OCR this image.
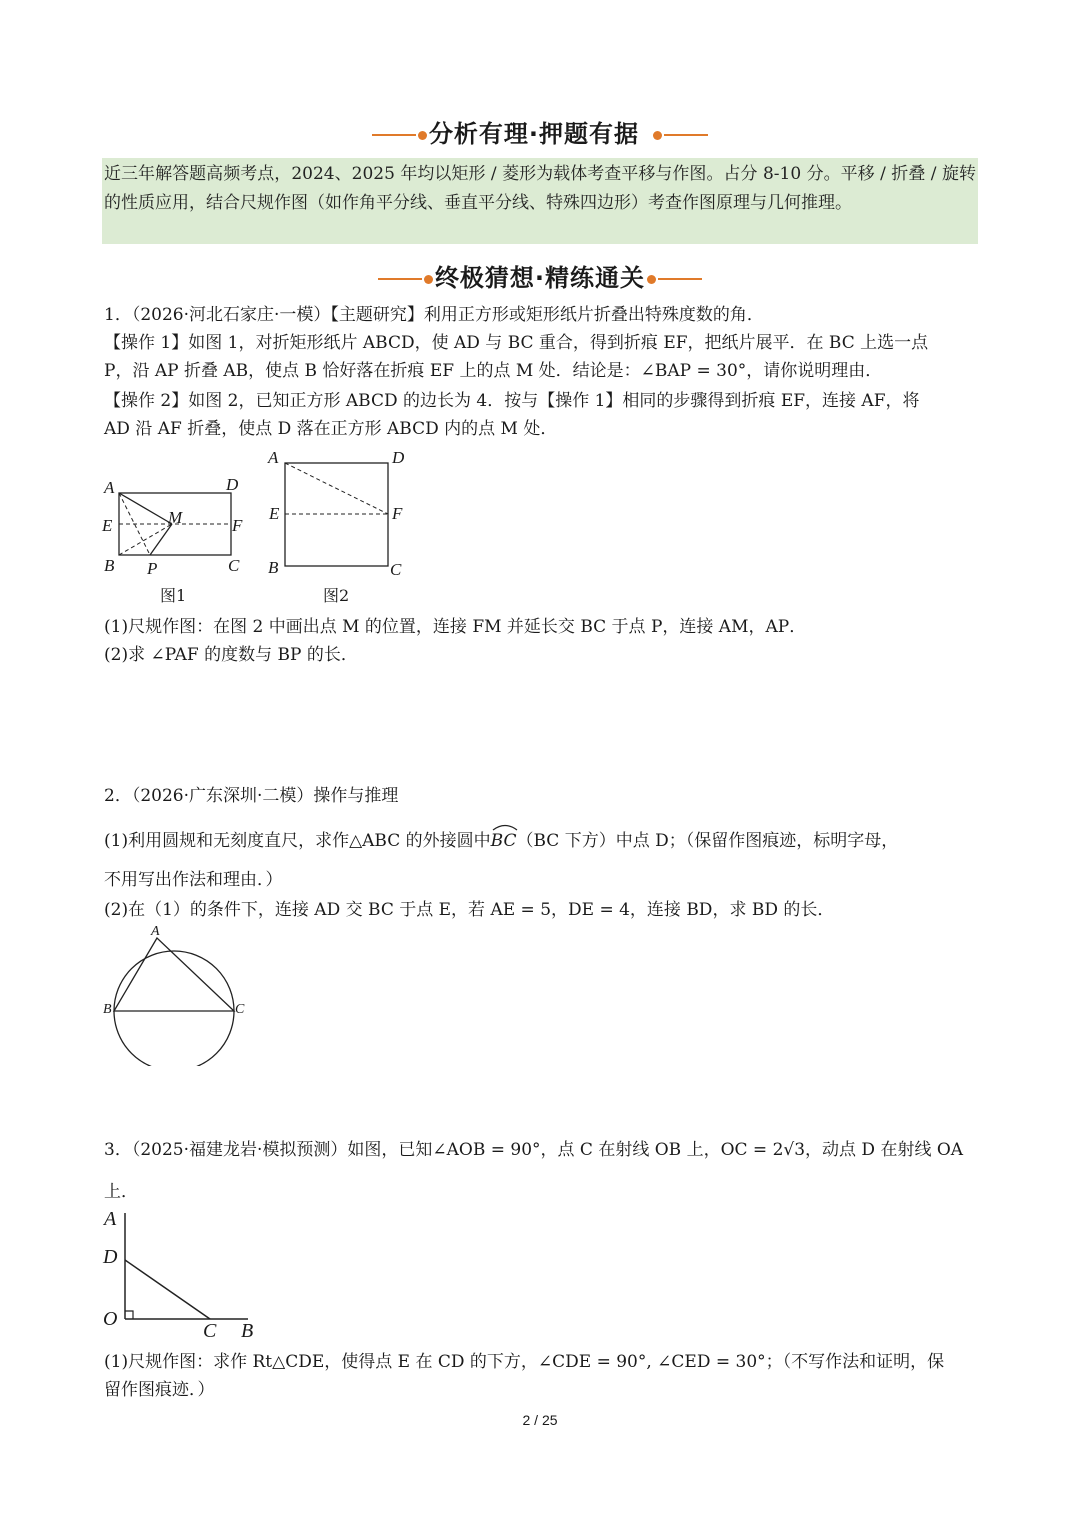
分析有理·押题有据
近三年解答题高频考点，2024、2025 年均以矩形 / 菱形为载体考查平移与作图。占分 8-10 分。平移 / 折叠 / 旋转的性质应用，结合尺规作图（如作角平分线、垂直平分线、特殊四边形）考查作图原理与几何推理。
终极猜想·精练通关
1．（2026·河北石家庄·一模）【主题研究】利用正方形或矩形纸片折叠出特殊度数的角．
【操作 1】如图 1，对折矩形纸片 ABCD，使 AD 与 BC 重合，得到折痕 EF，把纸片展平．在 BC 上选一点
P，沿 AP 折叠 AB，使点 B 恰好落在折痕 EF 上的点 M 处．结论是：∠BAP = 30°，请你说明理由．
【操作 2】如图 2，已知正方形 ABCD 的边长为 4．按与【操作 1】相同的步骤得到折痕 EF，连接 AF，将
AD 沿 AF 折叠，使点 D 落在正方形 ABCD 内的点 M 处．
A	D
E	M	F
B P	C
图1
A	D
E	F
B	C
图2
(1)尺规作图：在图 2 中画出点 M 的位置，连接 FM 并延长交 BC 于点 P，连接 AM，AP．
(2)求 ∠PAF 的度数与 BP 的长．
2．（2026·广东深圳·二模）操作与推理
(1)利用圆规和无刻度直尺，求作△ABC 的外接圆中
BC（BC 下方）中点 D；（保留作图痕迹，标明字母，
不用写出作法和理由．）
(2)在（1）的条件下，连接 AD 交 BC 于点 E，若 AE = 5，DE = 4，连接 BD，求 BD 的长．
A
B	C
3．（2025·福建龙岩·模拟预测）如图，已知∠AOB = 90°，点 C 在射线 OB 上，OC = 2√3，动点 D 在射线 OA
上．
A
D
O
C B
(1)尺规作图：求作 Rt△CDE，使得点 E 在 CD 的下方，∠CDE = 90°, ∠CED = 30°；（不写作法和证明，保
留作图痕迹．）
2 / 25
